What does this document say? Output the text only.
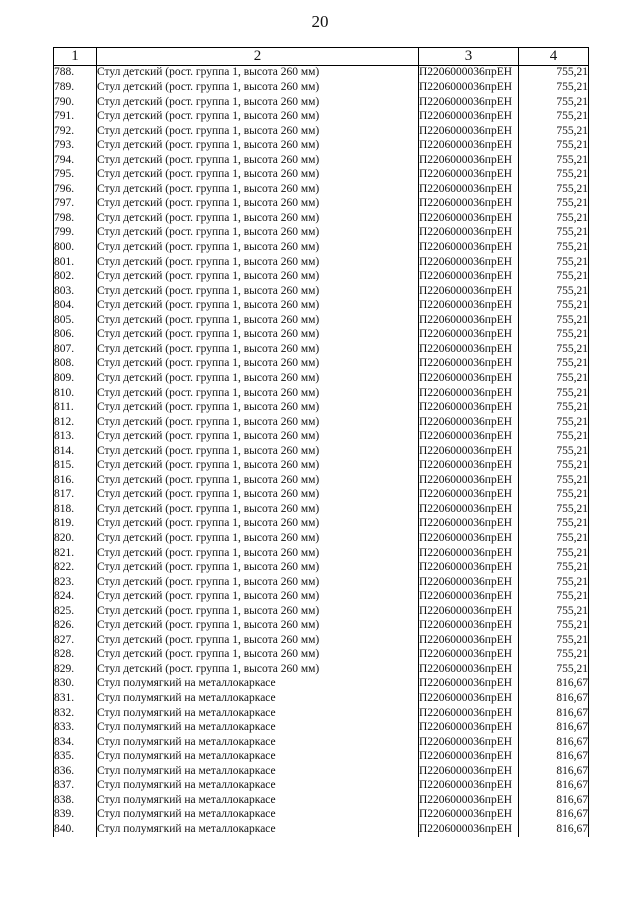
20
1	2	3	4
788.	Стул детский (рост. группа 1, высота 260 мм)	П2206000036прЕН	755,21
789.	Стул детский (рост. группа 1, высота 260 мм)	П2206000036прЕН	755,21
790.	Стул детский (рост. группа 1, высота 260 мм)	П2206000036прЕН	755,21
791.	Стул детский (рост. группа 1, высота 260 мм)	П2206000036прЕН	755,21
792.	Стул детский (рост. группа 1, высота 260 мм)	П2206000036прЕН	755,21
793.	Стул детский (рост. группа 1, высота 260 мм)	П2206000036прЕН	755,21
794.	Стул детский (рост. группа 1, высота 260 мм)	П2206000036прЕН	755,21
795.	Стул детский (рост. группа 1, высота 260 мм)	П2206000036прЕН	755,21
796.	Стул детский (рост. группа 1, высота 260 мм)	П2206000036прЕН	755,21
797.	Стул детский (рост. группа 1, высота 260 мм)	П2206000036прЕН	755,21
798.	Стул детский (рост. группа 1, высота 260 мм)	П2206000036прЕН	755,21
799.	Стул детский (рост. группа 1, высота 260 мм)	П2206000036прЕН	755,21
800.	Стул детский (рост. группа 1, высота 260 мм)	П2206000036прЕН	755,21
801.	Стул детский (рост. группа 1, высота 260 мм)	П2206000036прЕН	755,21
802.	Стул детский (рост. группа 1, высота 260 мм)	П2206000036прЕН	755,21
803.	Стул детский (рост. группа 1, высота 260 мм)	П2206000036прЕН	755,21
804.	Стул детский (рост. группа 1, высота 260 мм)	П2206000036прЕН	755,21
805.	Стул детский (рост. группа 1, высота 260 мм)	П2206000036прЕН	755,21
806.	Стул детский (рост. группа 1, высота 260 мм)	П2206000036прЕН	755,21
807.	Стул детский (рост. группа 1, высота 260 мм)	П2206000036прЕН	755,21
808.	Стул детский (рост. группа 1, высота 260 мм)	П2206000036прЕН	755,21
809.	Стул детский (рост. группа 1, высота 260 мм)	П2206000036прЕН	755,21
810.	Стул детский (рост. группа 1, высота 260 мм)	П2206000036прЕН	755,21
811.	Стул детский (рост. группа 1, высота 260 мм)	П2206000036прЕН	755,21
812.	Стул детский (рост. группа 1, высота 260 мм)	П2206000036прЕН	755,21
813.	Стул детский (рост. группа 1, высота 260 мм)	П2206000036прЕН	755,21
814.	Стул детский (рост. группа 1, высота 260 мм)	П2206000036прЕН	755,21
815.	Стул детский (рост. группа 1, высота 260 мм)	П2206000036прЕН	755,21
816.	Стул детский (рост. группа 1, высота 260 мм)	П2206000036прЕН	755,21
817.	Стул детский (рост. группа 1, высота 260 мм)	П2206000036прЕН	755,21
818.	Стул детский (рост. группа 1, высота 260 мм)	П2206000036прЕН	755,21
819.	Стул детский (рост. группа 1, высота 260 мм)	П2206000036прЕН	755,21
820.	Стул детский (рост. группа 1, высота 260 мм)	П2206000036прЕН	755,21
821.	Стул детский (рост. группа 1, высота 260 мм)	П2206000036прЕН	755,21
822.	Стул детский (рост. группа 1, высота 260 мм)	П2206000036прЕН	755,21
823.	Стул детский (рост. группа 1, высота 260 мм)	П2206000036прЕН	755,21
824.	Стул детский (рост. группа 1, высота 260 мм)	П2206000036прЕН	755,21
825.	Стул детский (рост. группа 1, высота 260 мм)	П2206000036прЕН	755,21
826.	Стул детский (рост. группа 1, высота 260 мм)	П2206000036прЕН	755,21
827.	Стул детский (рост. группа 1, высота 260 мм)	П2206000036прЕН	755,21
828.	Стул детский (рост. группа 1, высота 260 мм)	П2206000036прЕН	755,21
829.	Стул детский (рост. группа 1, высота 260 мм)	П2206000036прЕН	755,21
830.	Стул полумягкий на металлокаркасе	П2206000036прЕН	816,67
831.	Стул полумягкий на металлокаркасе	П2206000036прЕН	816,67
832.	Стул полумягкий на металлокаркасе	П2206000036прЕН	816,67
833.	Стул полумягкий на металлокаркасе	П2206000036прЕН	816,67
834.	Стул полумягкий на металлокаркасе	П2206000036прЕН	816,67
835.	Стул полумягкий на металлокаркасе	П2206000036прЕН	816,67
836.	Стул полумягкий на металлокаркасе	П2206000036прЕН	816,67
837.	Стул полумягкий на металлокаркасе	П2206000036прЕН	816,67
838.	Стул полумягкий на металлокаркасе	П2206000036прЕН	816,67
839.	Стул полумягкий на металлокаркасе	П2206000036прЕН	816,67
840.	Стул полумягкий на металлокаркасе	П2206000036прЕН	816,67
